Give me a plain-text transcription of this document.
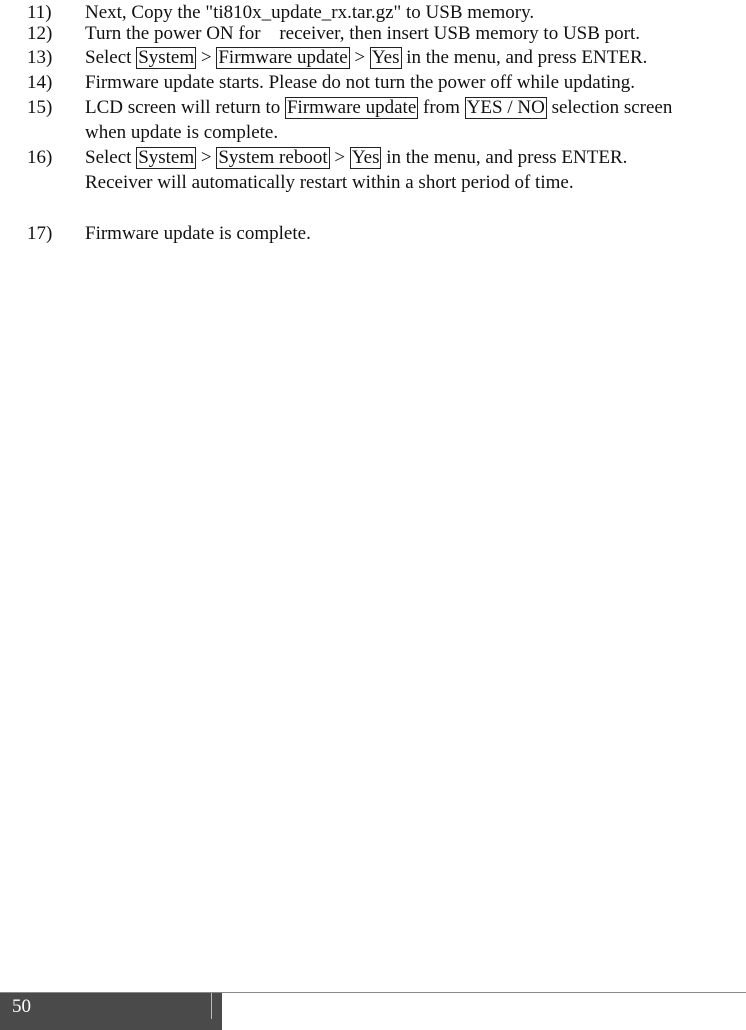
11) Next, Copy the "ti810x_update_rx.tar.gz" to USB memory.
12) Turn the power ON for receiver, then insert USB memory to USB port.
13) Select System > Firmware update > Yes in the menu, and press ENTER.
14) Firmware update starts. Please do not turn the power off while updating.
15) LCD screen will return to Firmware update from YES / NO selection screen
when update is complete.
16) Select System > System reboot > Yes in the menu, and press ENTER.
Receiver will automatically restart within a short period of time.
17) Firmware update is complete.
50
